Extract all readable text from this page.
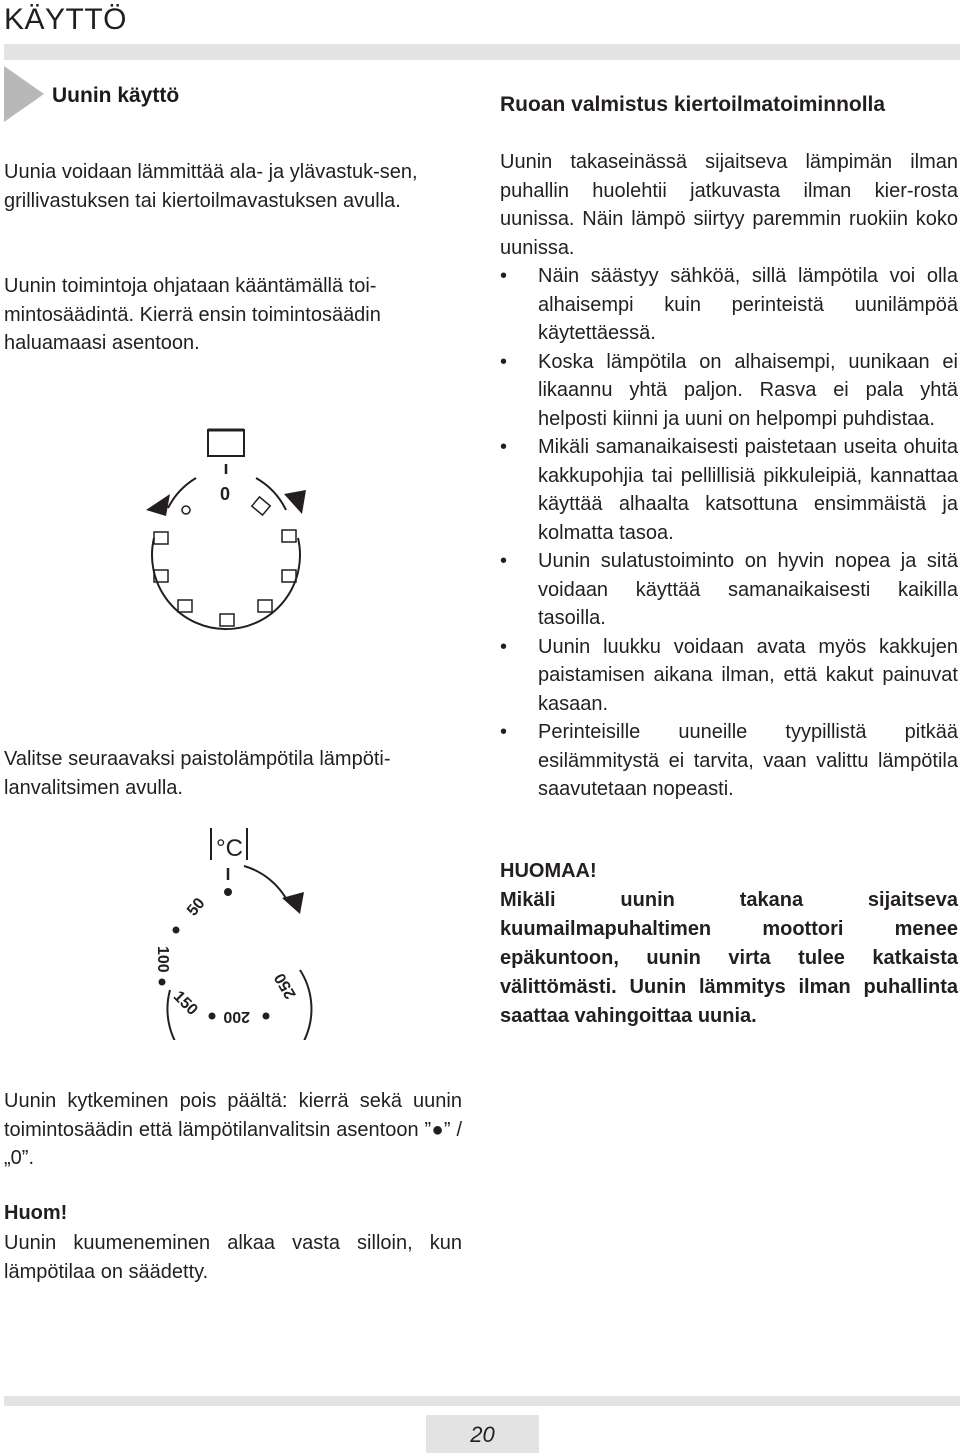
KÄYTTÖ
Uunin käyttö	Ruoan valmistus kiertoilmatoiminnolla

Uunia voidaan lämmittää ala- ja ylävastuk-sen, grillivastuksen tai kiertoilmavastuksen avulla.

Uunin toimintoja ohjataan kääntämällä toi-mintosäädintä. Kierrä ensin toimintosäädin haluamaasi asentoon.

0

Valitse seuraavaksi paistolämpötila lämpöti-lanvalitsimen avulla.

°C
50
100
150 200
250
Uunin takaseinässä sijaitseva lämpimän ilman puhallin huolehtii jatkuvasta ilman kier-rosta uunissa. Näin lämpö siirtyy paremmin ruokiin koko uunissa.
• Näin säästyy sähköä, sillä lämpötila voi olla alhaisempi kuin perinteistä uunilämpöä käytettäessä.
• Koska lämpötila on alhaisempi, uunikaan ei likaannu yhtä paljon. Rasva ei pala yhtä helposti kiinni ja uuni on helpompi puhdistaa.
• Mikäli samanaikaisesti paistetaan useita ohuita kakkupohjia tai pellillisiä pikkuleipiä, kannattaa käyttää alhaalta katsottuna ensimmäistä ja kolmatta tasoa.
• Uunin sulatustoiminto on hyvin nopea ja sitä voidaan käyttää samanaikaisesti kaikilla tasoilla.
• Uunin luukku voidaan avata myös kakkujen paistamisen aikana ilman, että kakut painuvat kasaan.
• Perinteisille uuneille tyypillistä pitkää esilämmitystä ei tarvita, vaan valittu lämpötila saavutetaan nopeasti.
HUOMAA!
Mikäli uunin takana sijaitseva kuumailmapuhaltimen moottori menee epäkuntoon, uunin virta tulee katkaista välittömästi. Uunin lämmitys ilman puhallinta saattaa vahingoittaa uunia.
Uunin kytkeminen pois päältä: kierrä sekä uunin toimintosäädin että lämpötilanvalitsin asentoon ”●” / „0”.
Huom!
Uunin kuumeneminen alkaa vasta silloin, kun lämpötilaa on säädetty.
20
